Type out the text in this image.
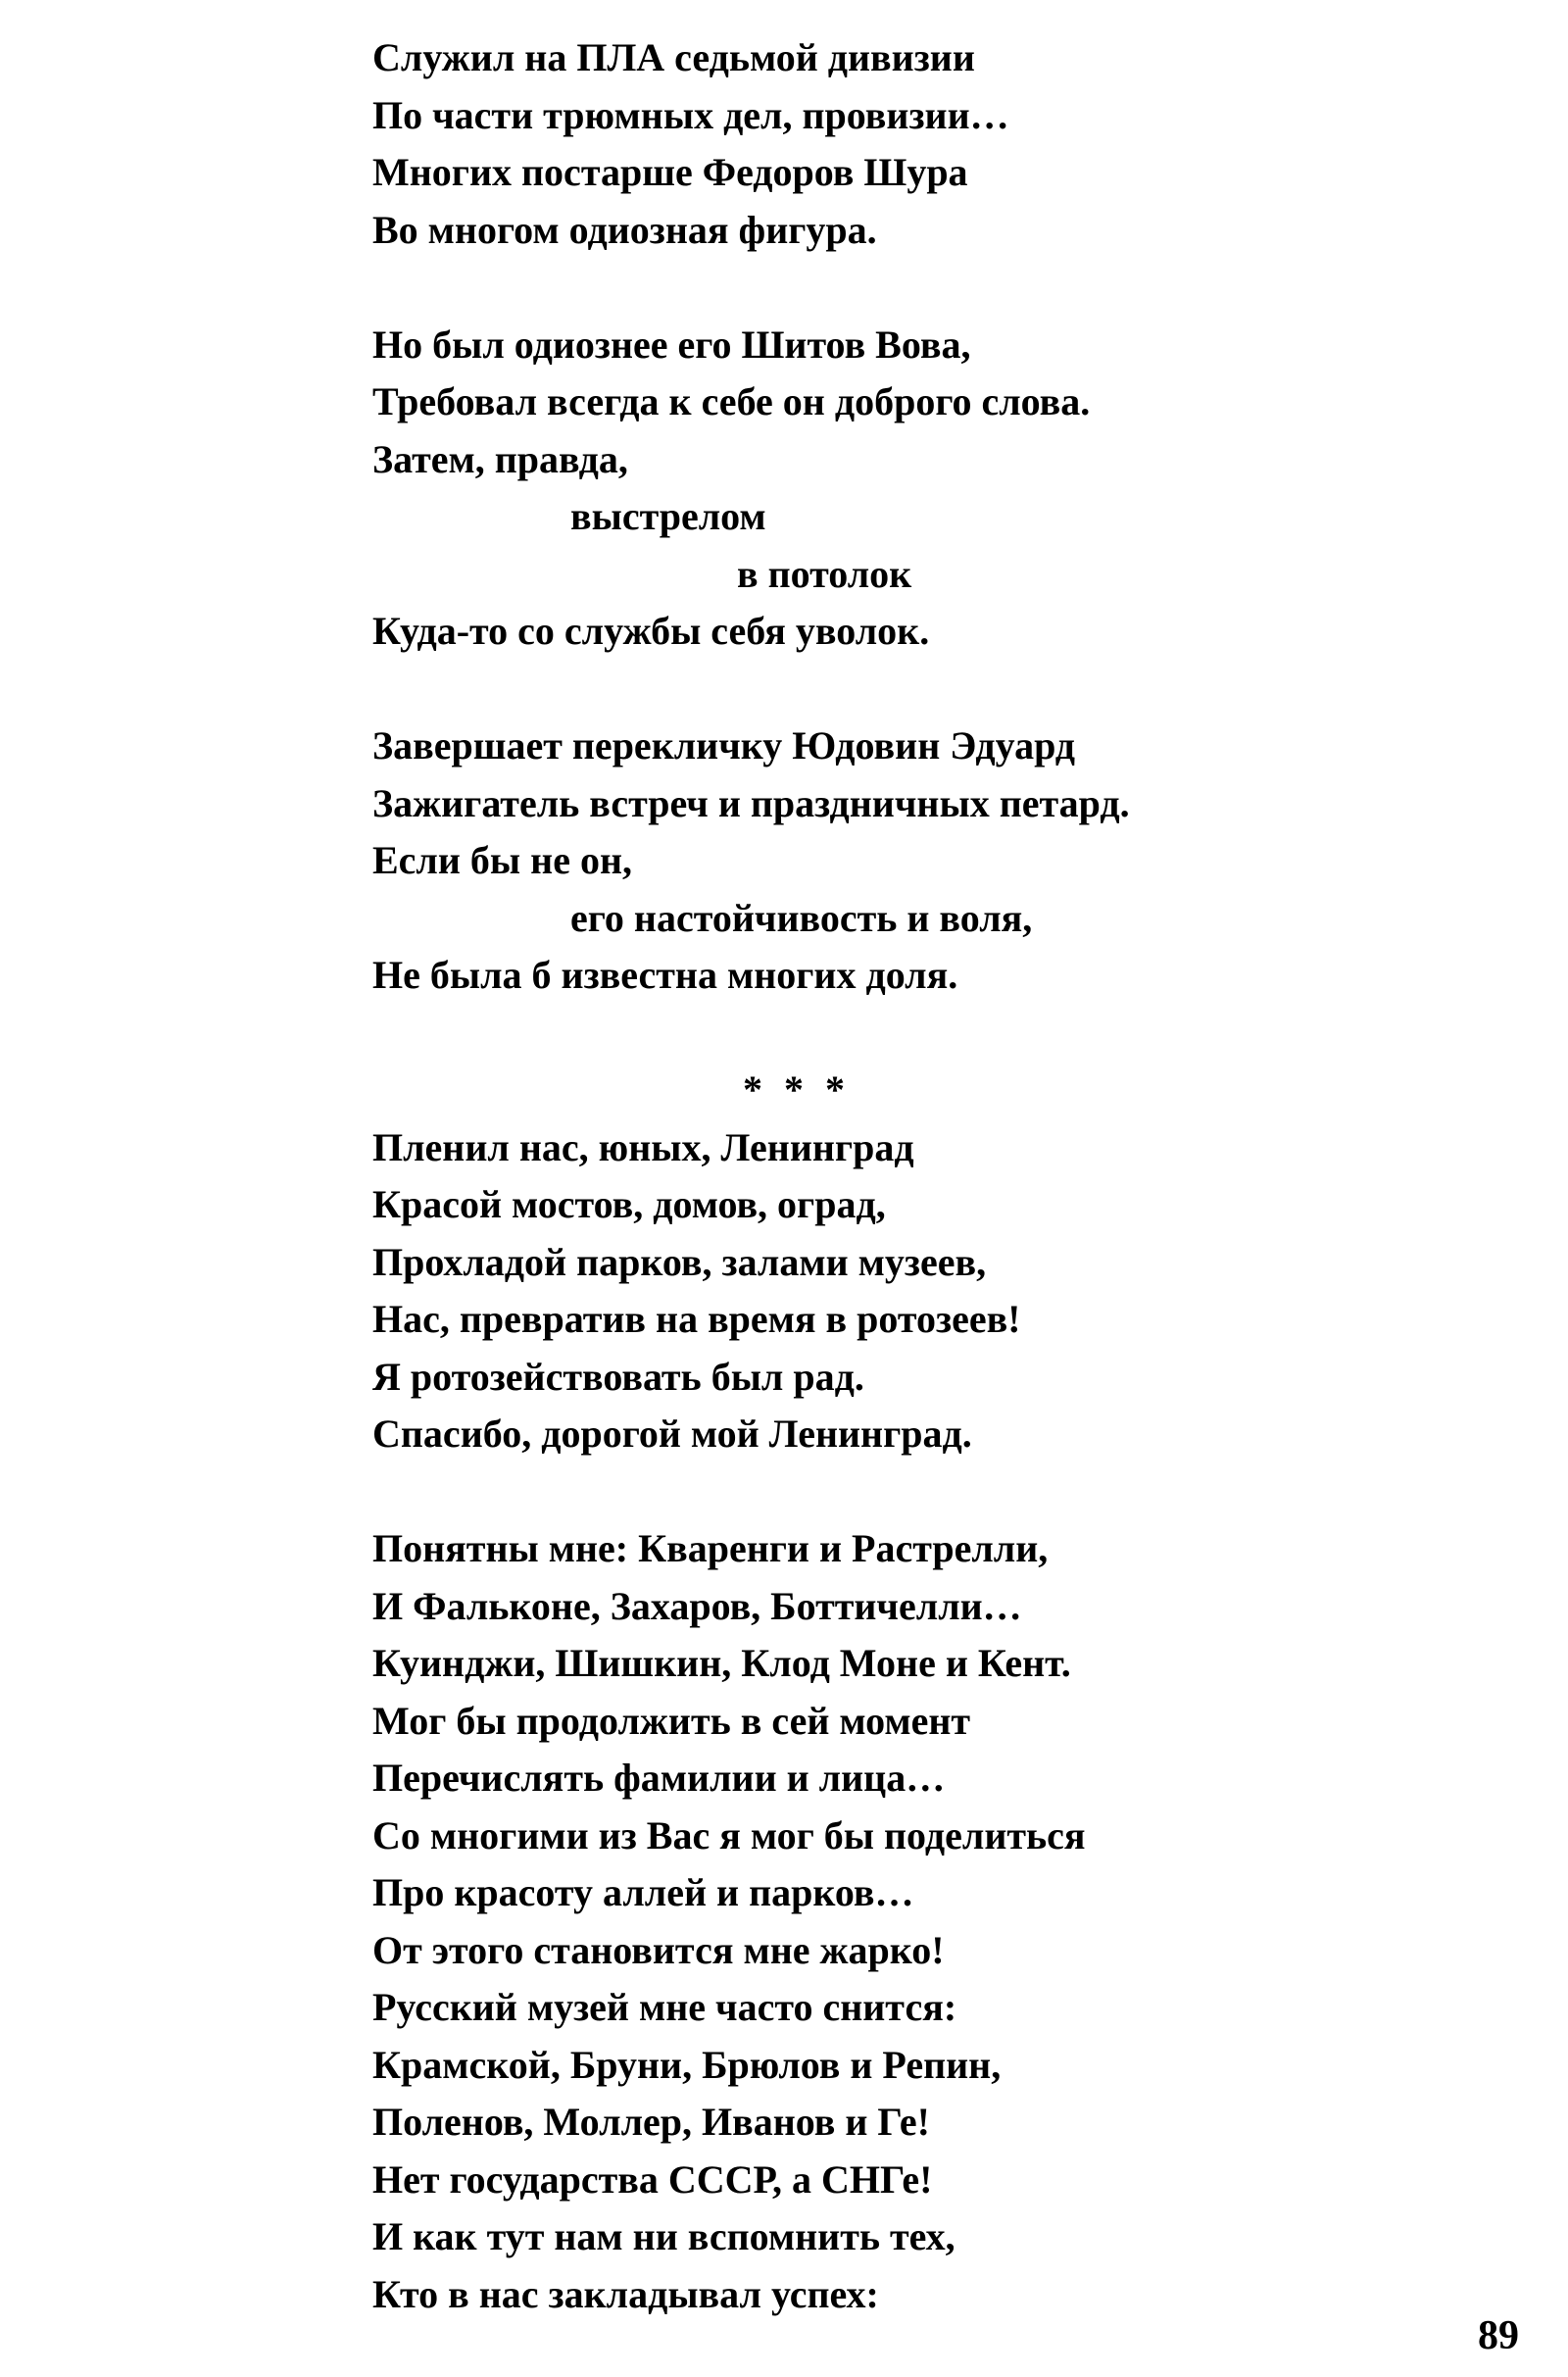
Служил на ПЛА седьмой дивизии
По части трюмных дел, провизии…
Многих постарше Федоров Шура
Во многом одиозная фигура.
Но был одиознее его Шитов Вова,
Требовал всегда к себе он доброго слова.
Затем, правда,
выстрелом
в потолок
Куда-то со службы себя уволок.
Завершает перекличку Юдовин Эдуард
Зажигатель встреч и праздничных петард.
Если бы не он,
его настойчивость и воля,
Не была б известна многих доля.
* * *
Пленил нас, юных, Ленинград
Красой мостов, домов, оград,
Прохладой парков, залами музеев,
Нас, превратив на время в ротозеев!
Я ротозействовать был рад.
Спасибо, дорогой мой Ленинград.
Понятны мне: Кваренги и Растрелли,
И Фальконе, Захаров, Боттичелли…
Куинджи, Шишкин, Клод Моне и Кент.
Мог бы продолжить в сей момент
Перечислять фамилии и лица…
Со многими из Вас я мог бы поделиться
Про красоту аллей и парков…
От этого становится мне жарко!
Русский музей мне часто снится:
Крамской, Бруни, Брюлов и Репин,
Поленов, Моллер, Иванов и Ге!
Нет государства СССР, а СНГе!
И как тут нам ни вспомнить тех,
Кто в нас закладывал успех:
89
